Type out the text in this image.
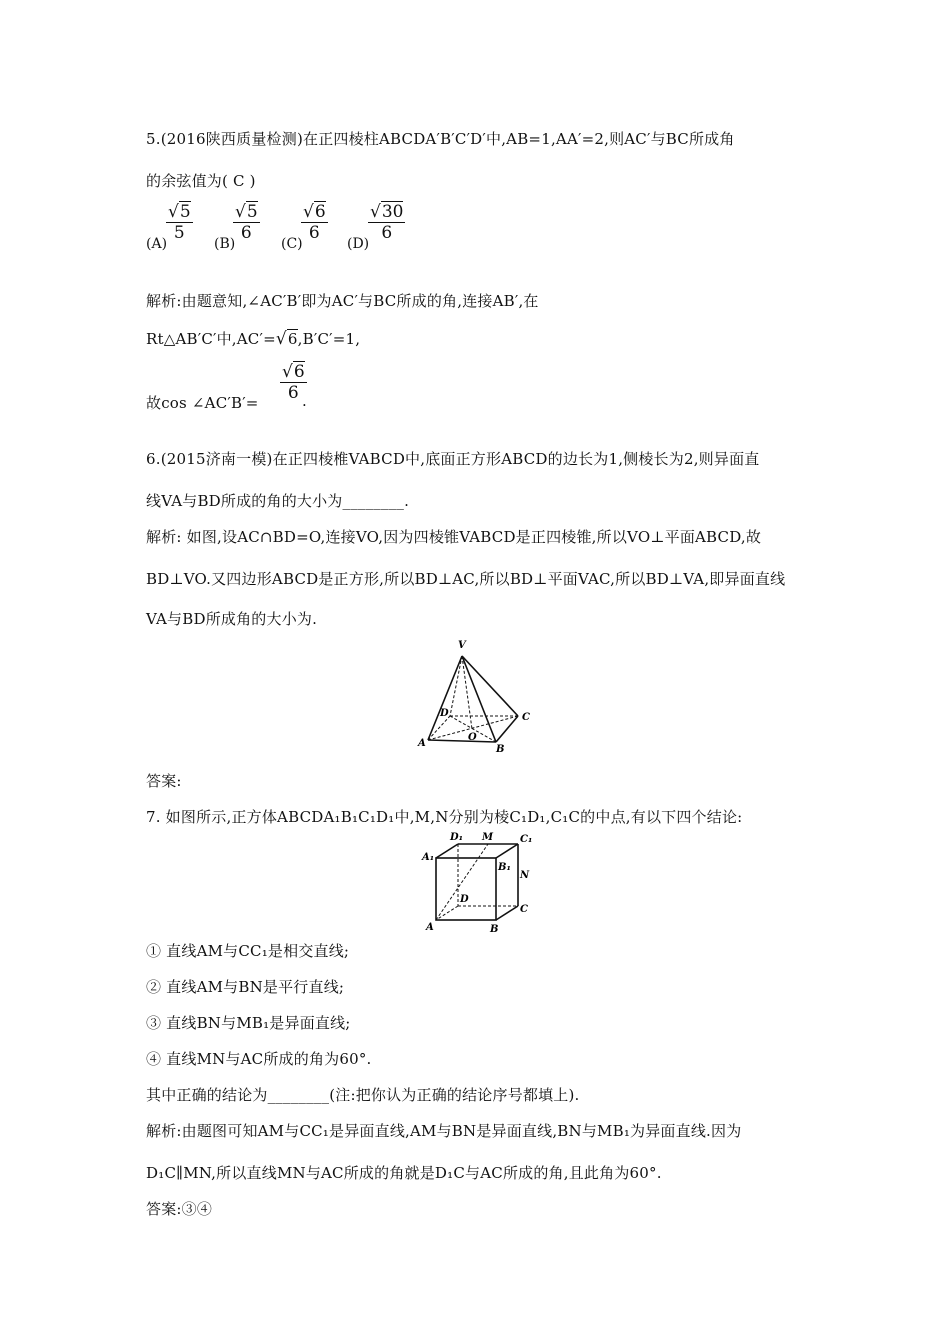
5.(2016陕西质量检测)在正四棱柱ABCDA′B′C′D′中,AB=1,AA′=2,则AC′与BC所成角
的余弦值为( C )
(A)
$\frac{√5}{5}$
(B)
$\frac{√5}{6}$
(C)
$\frac{√6}{6}$
(D)
$\frac{√30}{6}$
解析:由题意知,∠AC′B′即为AC′与BC所成的角,连接AB′,在
Rt△AB′C′中,AC′=√6,B′C′=1,
故cos ∠AC′B′= $\frac{√6}{6}$
.
6.(2015济南一模)在正四棱椎VABCD中,底面正方形ABCD的边长为1,侧棱长为2,则异面直
线VA与BD所成的角的大小为________.
解析: 如图,设AC∩BD=O,连接VO,因为四棱锥VABCD是正四棱锥,所以VO⊥平面ABCD,故
BD⊥VO.又四边形ABCD是正方形,所以BD⊥AC,所以BD⊥平面VAC,所以BD⊥VA,即异面直线
VA与BD所成角的大小为.
V
D	C
O
A
B
答案:
7. 如图所示,正方体ABCDA₁B₁C₁D₁中,M,N分别为棱C₁D₁,C₁C的中点,有以下四个结论:
D₁ M	C₁
A₁
B₁
N
D
C
A	B
① 直线AM与CC₁是相交直线;
② 直线AM与BN是平行直线;
③ 直线BN与MB₁是异面直线;
④ 直线MN与AC所成的角为60°.
其中正确的结论为________(注:把你认为正确的结论序号都填上).
解析:由题图可知AM与CC₁是异面直线,AM与BN是异面直线,BN与MB₁为异面直线.因为
D₁C∥MN,所以直线MN与AC所成的角就是D₁C与AC所成的角,且此角为60°.
答案:③④
